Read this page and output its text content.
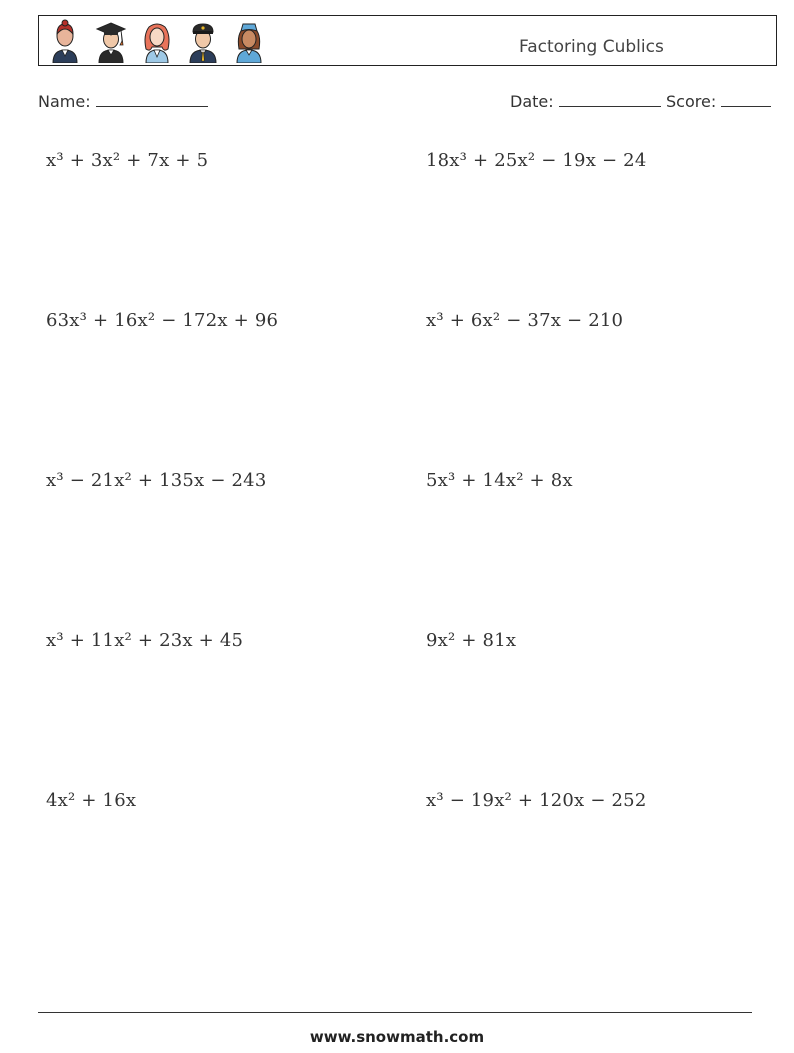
Factoring Cublics
Name:	Date:	Score:
x³ + 3x² + 7x + 5	18x³ + 25x² − 19x − 24
63x³ + 16x² − 172x + 96	x³ + 6x² − 37x − 210
x³ − 21x² + 135x − 243	5x³ + 14x² + 8x
x³ + 11x² + 23x + 45	9x² + 81x
4x² + 16x	x³ − 19x² + 120x − 252
www.snowmath.com
